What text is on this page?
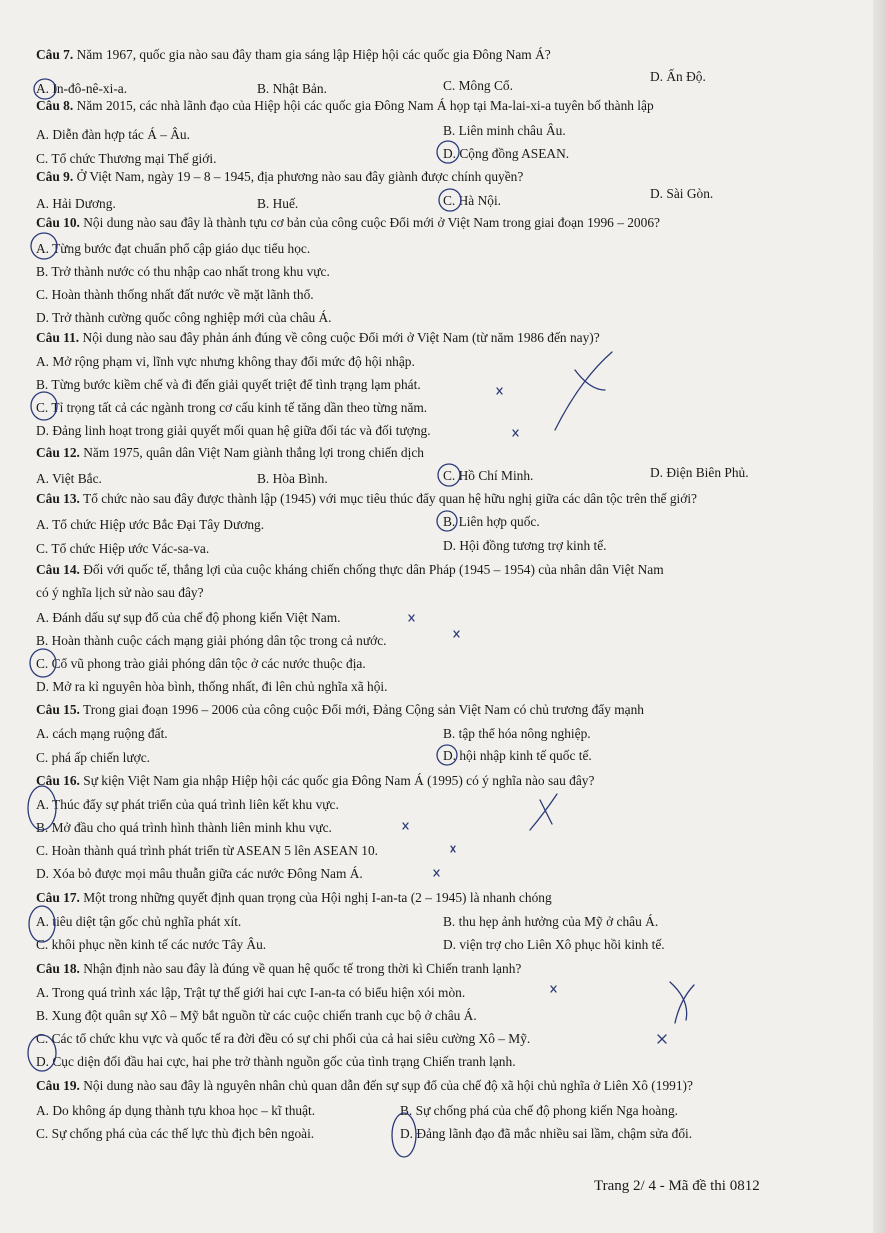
Câu 7. Năm 1967, quốc gia nào sau đây tham gia sáng lập Hiệp hội các quốc gia Đông Nam Á?
A. In-đô-nê-xi-a.	B. Nhật Bản.	C. Mông Cổ.
D. Ấn Độ.
Câu 8. Năm 2015, các nhà lãnh đạo của Hiệp hội các quốc gia Đông Nam Á họp tại Ma-lai-xi-a tuyên bố thành lập
A. Diễn đàn hợp tác Á – Âu.	B. Liên minh châu Âu.
C. Tổ chức Thương mại Thế giới.	D. Cộng đồng ASEAN.
Câu 9. Ở Việt Nam, ngày 19 – 8 – 1945, địa phương nào sau đây giành được chính quyền?
A. Hải Dương.	B. Huế.	C. Hà Nội.	D. Sài Gòn.
Câu 10. Nội dung nào sau đây là thành tựu cơ bản của công cuộc Đổi mới ở Việt Nam trong giai đoạn 1996 – 2006?
A. Từng bước đạt chuẩn phổ cập giáo dục tiểu học.
B. Trở thành nước có thu nhập cao nhất trong khu vực.
C. Hoàn thành thống nhất đất nước về mặt lãnh thổ.
D. Trở thành cường quốc công nghiệp mới của châu Á.
Câu 11. Nội dung nào sau đây phản ánh đúng về công cuộc Đổi mới ở Việt Nam (từ năm 1986 đến nay)?
A. Mở rộng phạm vi, lĩnh vực nhưng không thay đổi mức độ hội nhập.
B. Từng bước kiềm chế và đi đến giải quyết triệt để tình trạng lạm phát.
C. Tỉ trọng tất cả các ngành trong cơ cấu kinh tế tăng dần theo từng năm.
D. Đảng linh hoạt trong giải quyết mối quan hệ giữa đối tác và đối tượng.
Câu 12. Năm 1975, quân dân Việt Nam giành thắng lợi trong chiến dịch
A. Việt Bắc.	B. Hòa Bình.	C. Hồ Chí Minh.	D. Điện Biên Phủ.
Câu 13. Tổ chức nào sau đây được thành lập (1945) với mục tiêu thúc đẩy quan hệ hữu nghị giữa các dân tộc trên thế giới?
A. Tổ chức Hiệp ước Bắc Đại Tây Dương.	B. Liên hợp quốc.
C. Tổ chức Hiệp ước Vác-sa-va.	D. Hội đồng tương trợ kinh tế.
Câu 14. Đối với quốc tế, thắng lợi của cuộc kháng chiến chống thực dân Pháp (1945 – 1954) của nhân dân Việt Nam
có ý nghĩa lịch sử nào sau đây?
A. Đánh dấu sự sụp đổ của chế độ phong kiến Việt Nam.
B. Hoàn thành cuộc cách mạng giải phóng dân tộc trong cả nước.
C. Cổ vũ phong trào giải phóng dân tộc ở các nước thuộc địa.
D. Mở ra kỉ nguyên hòa bình, thống nhất, đi lên chủ nghĩa xã hội.
Câu 15. Trong giai đoạn 1996 – 2006 của công cuộc Đổi mới, Đảng Cộng sản Việt Nam có chủ trương đẩy mạnh
A. cách mạng ruộng đất.	B. tập thể hóa nông nghiệp.
C. phá ấp chiến lược.	D. hội nhập kinh tế quốc tế.
Câu 16. Sự kiện Việt Nam gia nhập Hiệp hội các quốc gia Đông Nam Á (1995) có ý nghĩa nào sau đây?
A. Thúc đẩy sự phát triển của quá trình liên kết khu vực.
B. Mở đầu cho quá trình hình thành liên minh khu vực.
C. Hoàn thành quá trình phát triển từ ASEAN 5 lên ASEAN 10.
D. Xóa bỏ được mọi mâu thuẫn giữa các nước Đông Nam Á.
Câu 17. Một trong những quyết định quan trọng của Hội nghị I-an-ta (2 – 1945) là nhanh chóng
A. tiêu diệt tận gốc chủ nghĩa phát xít.	B. thu hẹp ảnh hưởng của Mỹ ở châu Á.
C. khôi phục nền kinh tế các nước Tây Âu.	D. viện trợ cho Liên Xô phục hồi kinh tế.
Câu 18. Nhận định nào sau đây là đúng về quan hệ quốc tế trong thời kì Chiến tranh lạnh?
A. Trong quá trình xác lập, Trật tự thế giới hai cực I-an-ta có biểu hiện xói mòn.
B. Xung đột quân sự Xô – Mỹ bắt nguồn từ các cuộc chiến tranh cục bộ ở châu Á.
C. Các tổ chức khu vực và quốc tế ra đời đều có sự chi phối của cả hai siêu cường Xô – Mỹ.
D. Cục diện đối đầu hai cực, hai phe trở thành nguồn gốc của tình trạng Chiến tranh lạnh.
Câu 19. Nội dung nào sau đây là nguyên nhân chủ quan dẫn đến sự sụp đổ của chế độ xã hội chủ nghĩa ở Liên Xô (1991)?
A. Do không áp dụng thành tựu khoa học – kĩ thuật.	B. Sự chống phá của chế độ phong kiến Nga hoàng.
C. Sự chống phá của các thế lực thù địch bên ngoài.	D. Đảng lãnh đạo đã mắc nhiều sai lầm, chậm sửa đổi.
Trang 2/ 4 - Mã đề thi 0812
